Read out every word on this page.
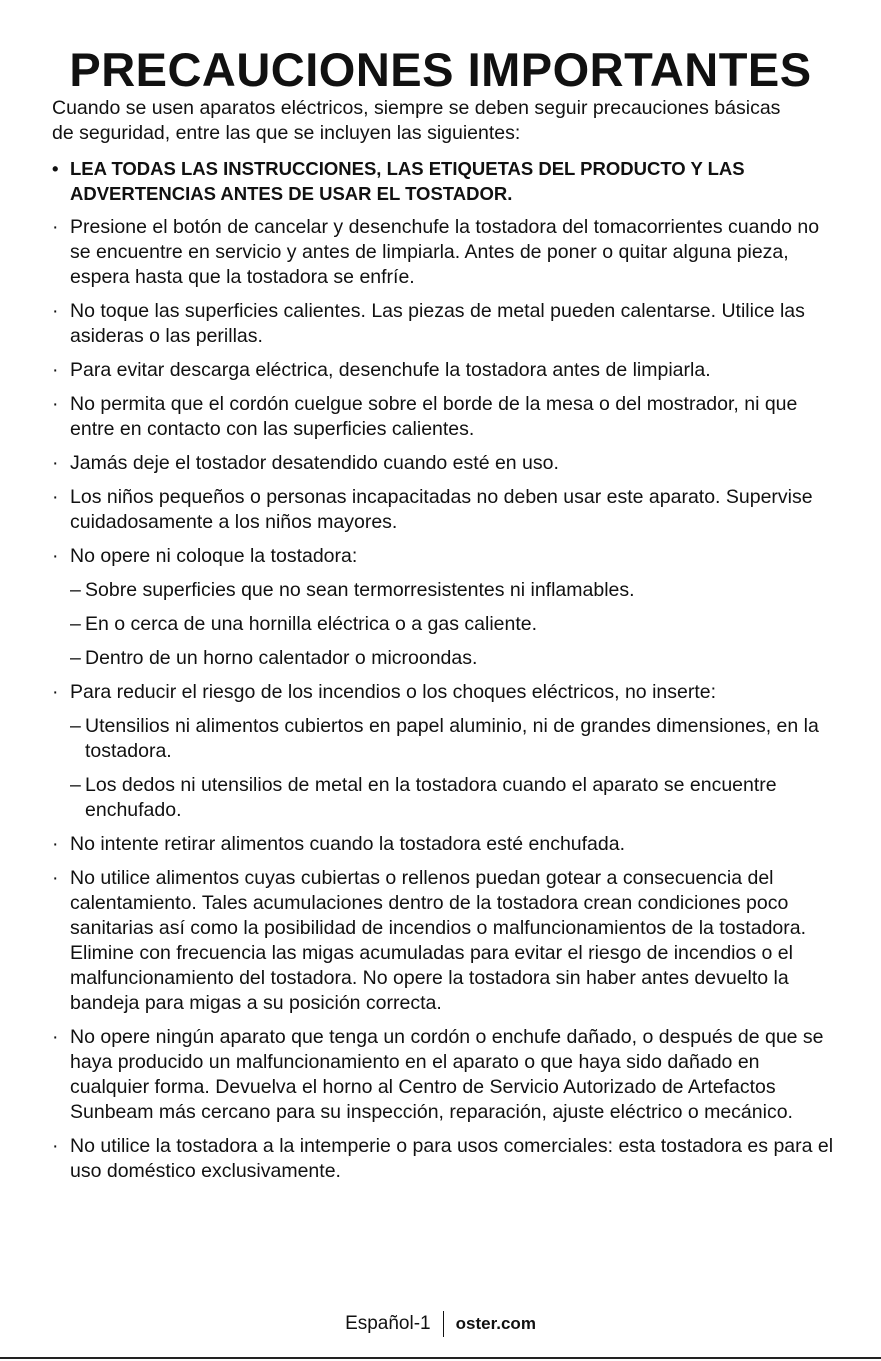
PRECAUCIONES IMPORTANTES

Cuando se usen aparatos eléctricos, siempre se deben seguir precauciones básicas de seguridad, entre las que se incluyen las siguientes:

• LEA TODAS LAS INSTRUCCIONES, LAS ETIQUETAS DEL PRODUCTO Y LAS ADVERTENCIAS ANTES DE USAR EL TOSTADOR.
· Presione el botón de cancelar y desenchufe la tostadora del tomacorrientes cuando no se encuentre en servicio y antes de limpiarla. Antes de poner o quitar alguna pieza, espera hasta que la tostadora se enfríe.
· No toque las superficies calientes. Las piezas de metal pueden calentarse. Utilice las asideras o las perillas.
· Para evitar descarga eléctrica, desenchufe la tostadora antes de limpiarla.
· No permita que el cordón cuelgue sobre el borde de la mesa o del mostrador, ni que entre en contacto con las superficies calientes.
· Jamás deje el tostador desatendido cuando esté en uso.
· Los niños pequeños o personas incapacitadas no deben usar este aparato. Supervise cuidadosamente a los niños mayores.
· No opere ni coloque la tostadora:
– Sobre superficies que no sean termorresistentes ni inflamables.
– En o cerca de una hornilla eléctrica o a gas caliente.
– Dentro de un horno calentador o microondas.
· Para reducir el riesgo de los incendios o los choques eléctricos, no inserte:
– Utensilios ni alimentos cubiertos en papel aluminio, ni de grandes dimensiones, en la tostadora.
– Los dedos ni utensilios de metal en la tostadora cuando el aparato se encuentre enchufado.
· No intente retirar alimentos cuando la tostadora esté enchufada.
· No utilice alimentos cuyas cubiertas o rellenos puedan gotear a consecuencia del calentamiento. Tales acumulaciones dentro de la tostadora crean condiciones poco sanitarias así como la posibilidad de incendios o malfuncionamientos de la tostadora. Elimine con frecuencia las migas acumuladas para evitar el riesgo de incendios o el malfuncionamiento del tostadora. No opere la tostadora sin haber antes devuelto la bandeja para migas a su posición correcta.
· No opere ningún aparato que tenga un cordón o enchufe dañado, o después de que se haya producido un malfuncionamiento en el aparato o que haya sido dañado en cualquier forma. Devuelva el horno al Centro de Servicio Autorizado de Artefactos Sunbeam más cercano para su inspección, reparación, ajuste eléctrico o mecánico.
· No utilice la tostadora a la intemperie o para usos comerciales: esta tostadora es para el uso doméstico exclusivamente.
Español-1 oster.com
